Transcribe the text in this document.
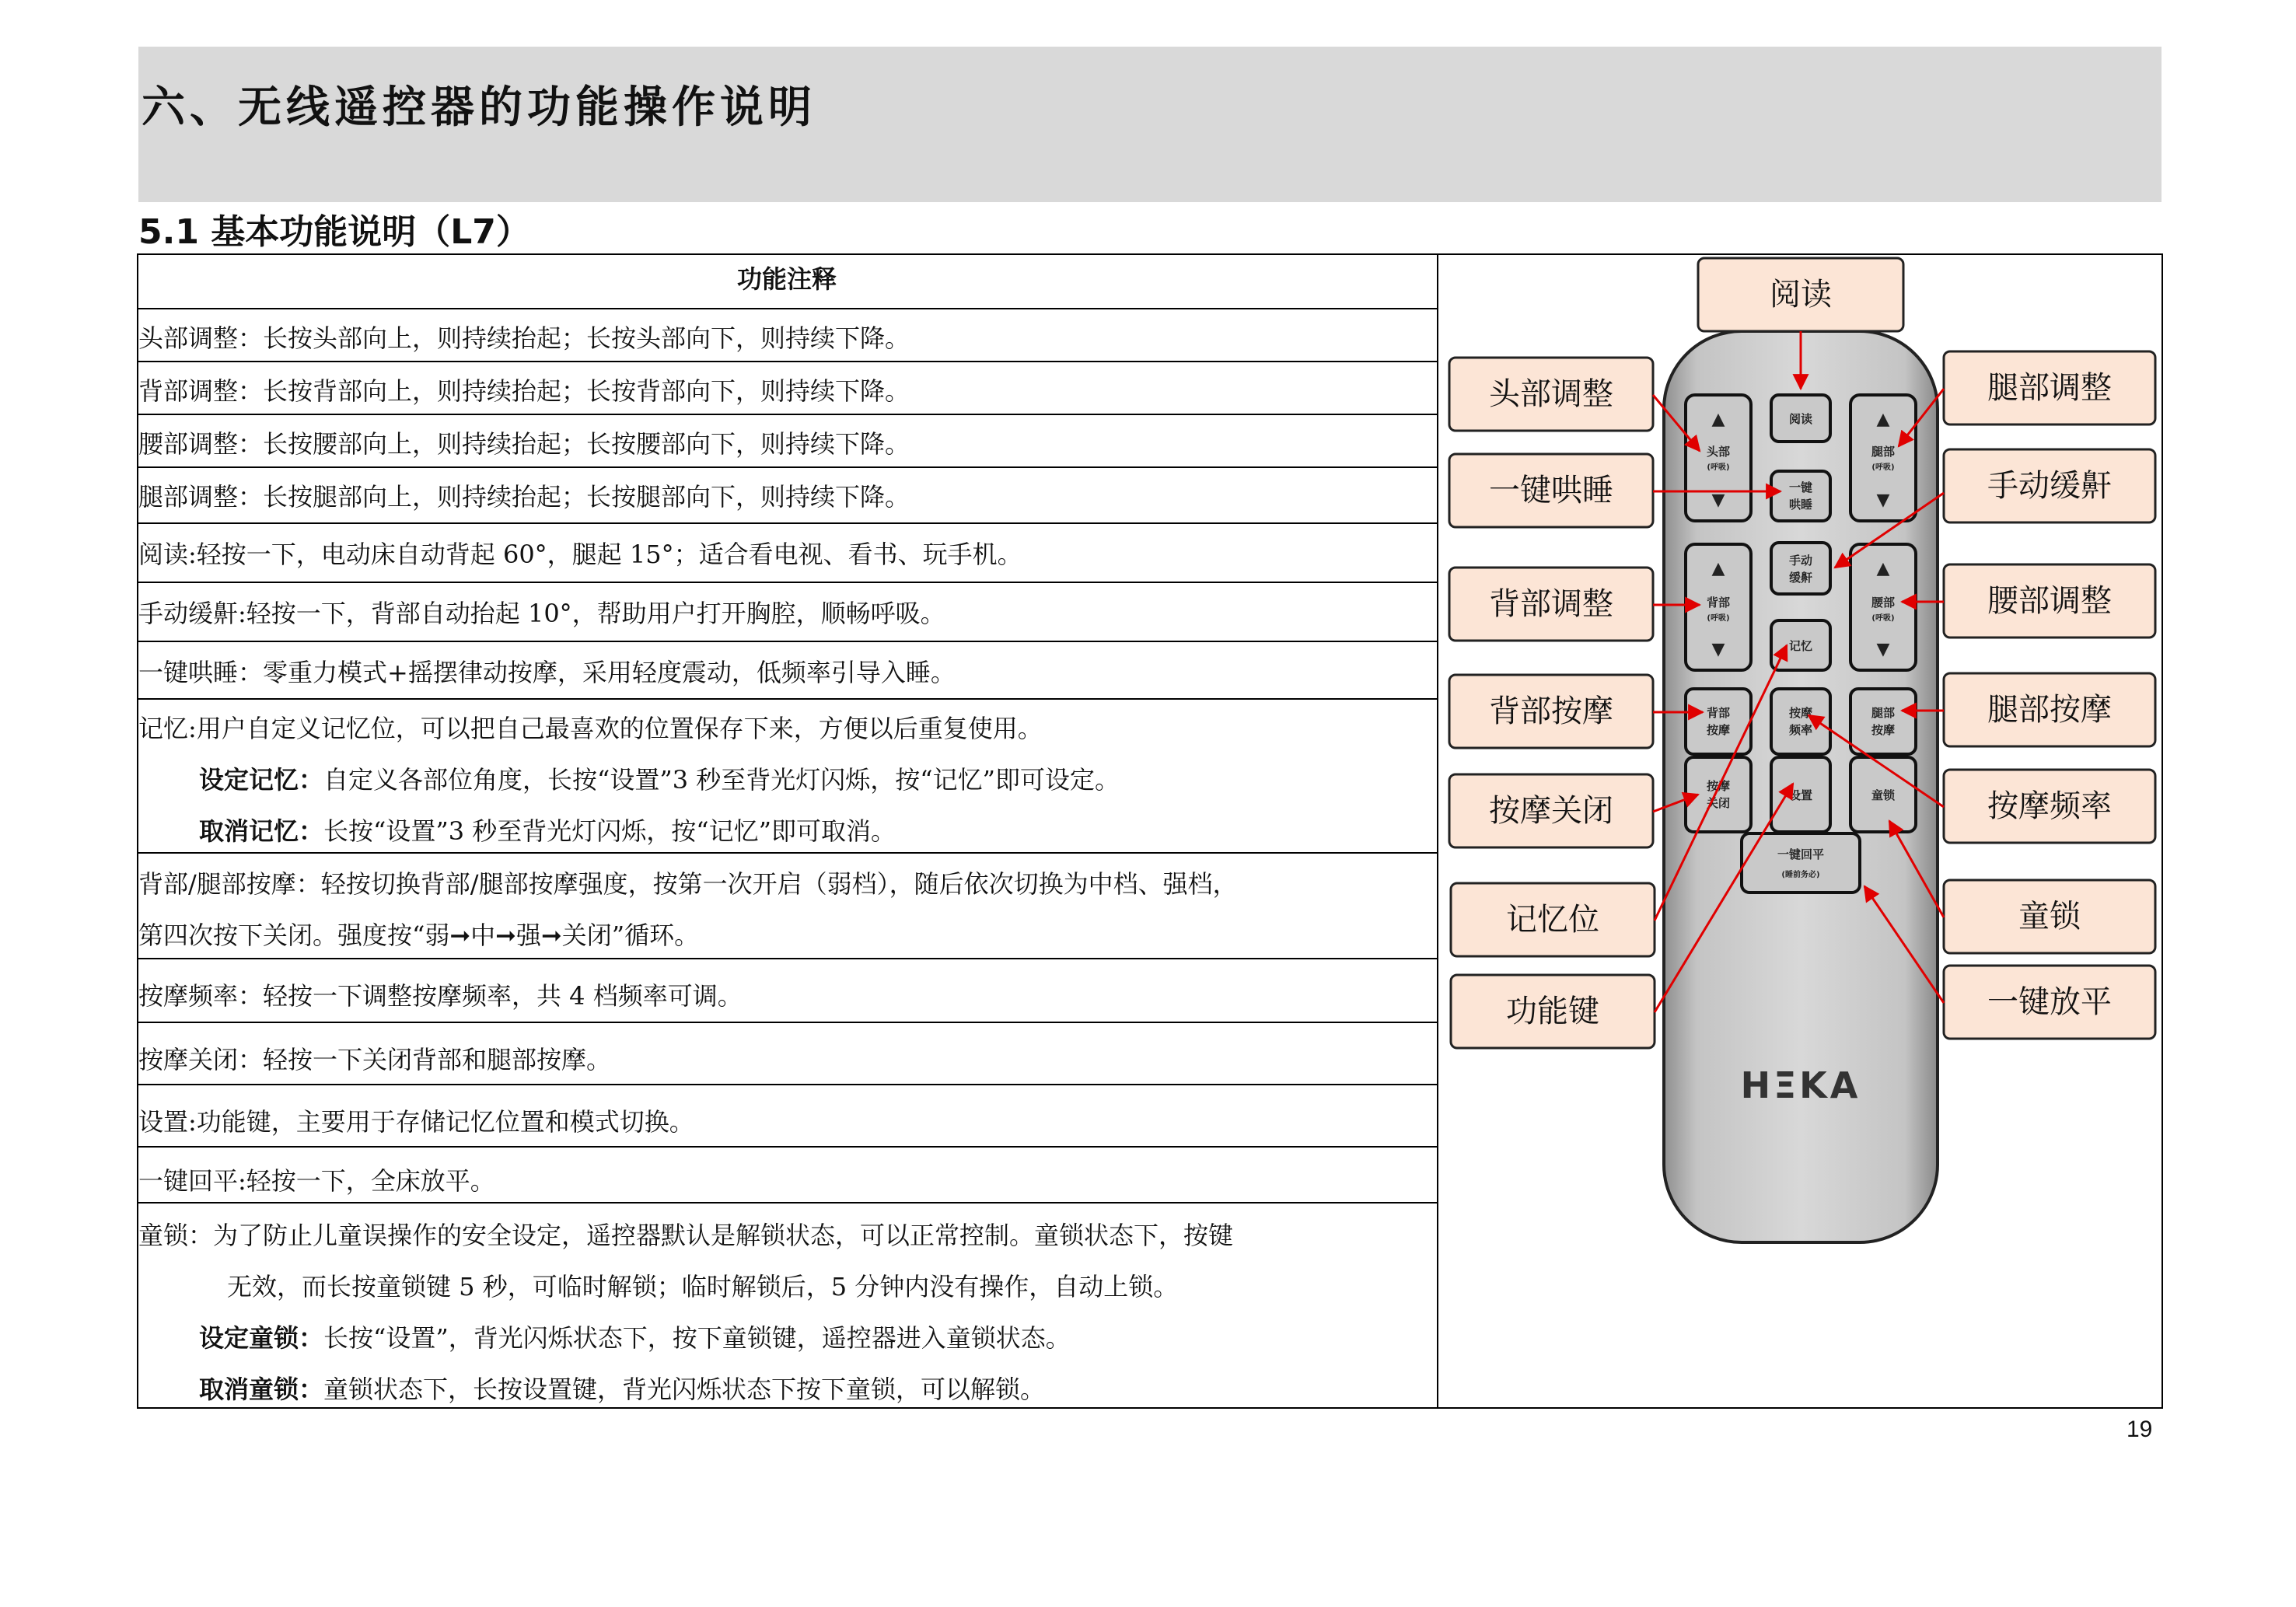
六、无线遥控器的功能操作说明
5.1 基本功能说明（L7）
功能注释
头部调整：长按头部向上，则持续抬起；长按头部向下，则持续下降。
背部调整：长按背部向上，则持续抬起；长按背部向下，则持续下降。
腰部调整：长按腰部向上，则持续抬起；长按腰部向下，则持续下降。
腿部调整：长按腿部向上，则持续抬起；长按腿部向下，则持续下降。
阅读:轻按一下，电动床自动背起 60°，腿起 15°；适合看电视、看书、玩手机。
手动缓鼾:轻按一下，背部自动抬起 10°，帮助用户打开胸腔，顺畅呼吸。
一键哄睡：零重力模式+摇摆律动按摩，采用轻度震动，低频率引导入睡。
记忆:用户自定义记忆位，可以把自己最喜欢的位置保存下来，方便以后重复使用。
设定记忆：自定义各部位角度，长按“设置”3 秒至背光灯闪烁，按“记忆”即可设定。
取消记忆：长按“设置”3 秒至背光灯闪烁，按“记忆”即可取消。
背部/腿部按摩：轻按切换背部/腿部按摩强度，按第一次开启（弱档），随后依次切换为中档、强档，
第四次按下关闭。强度按“弱➞中➞强➞关闭”循环。
按摩频率：轻按一下调整按摩频率，共 4 档频率可调。
按摩关闭：轻按一下关闭背部和腿部按摩。
设置:功能键，主要用于存储记忆位置和模式切换。
一键回平:轻按一下，全床放平。
童锁：为了防止儿童误操作的安全设定，遥控器默认是解锁状态，可以正常控制。童锁状态下，按键
无效，而长按童锁键 5 秒，可临时解锁；临时解锁后，5 分钟内没有操作，自动上锁。
设定童锁：长按“设置”，背光闪烁状态下，按下童锁键，遥控器进入童锁状态。
取消童锁：童锁状态下，长按设置键，背光闪烁状态下按下童锁，可以解锁。
▲
头部
(呼吸)
▼
阅读	▲
腿部
(呼吸)
▼
一键
哄睡
▲
背部
(呼吸)
▼
手动
缓鼾	▲
腰部
(呼吸)
▼
记忆
背部
按摩
按摩
频率
腿部
按摩
按摩
关闭
设置	童锁
一键回平
(睡前务必)
HΞKA
阅读
头部调整	腿部调整
一键哄睡	手动缓鼾
背部调整	腰部调整
背部按摩	腿部按摩
按摩关闭	按摩频率
记忆位	童锁
功能键	一键放平
19
